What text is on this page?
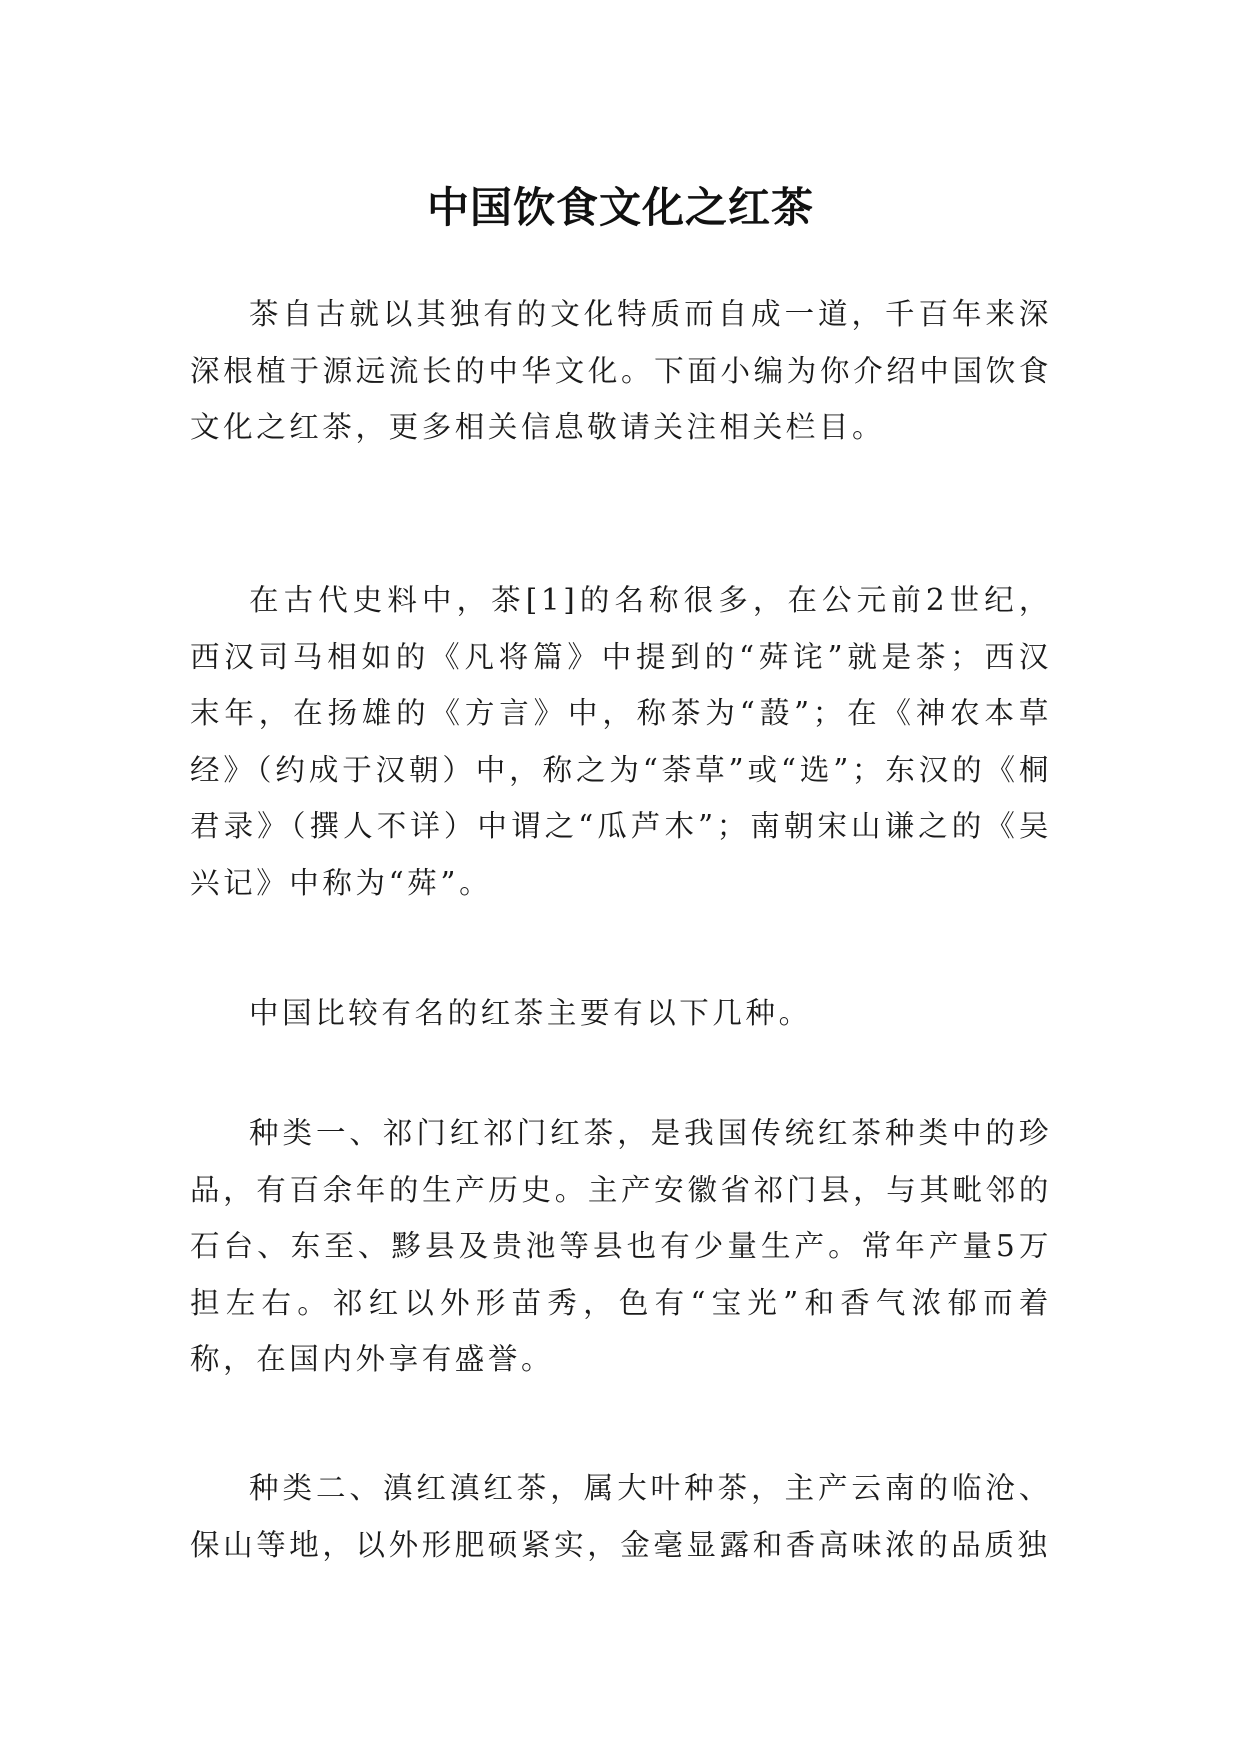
中国饮食文化之红茶

茶自古就以其独有的文化特质而自成一道，千百年来深深根植于源远流长的中华文化。下面小编为你介绍中国饮食文化之红茶，更多相关信息敬请关注相关栏目。

在古代史料中，茶[1]的名称很多，在公元前2世纪，西汉司马相如的《凡将篇》中提到的“荈诧”就是茶；西汉末年，在扬雄的《方言》中，称茶为“蔎”；在《神农本草经》（约成于汉朝）中，称之为“荼草”或“选”；东汉的《桐君录》（撰人不详）中谓之“瓜芦木”；南朝宋山谦之的《吴兴记》中称为“荈”。

中国比较有名的红茶主要有以下几种。

种类一、祁门红祁门红茶，是我国传统红茶种类中的珍品，有百余年的生产历史。主产安徽省祁门县，与其毗邻的石台、东至、黟县及贵池等县也有少量生产。常年产量5万担左右。祁红以外形苗秀，色有“宝光”和香气浓郁而着称，在国内外享有盛誉。

种类二、滇红滇红茶，属大叶种茶，主产云南的临沧、保山等地，以外形肥硕紧实，金毫显露和香高味浓的品质独
